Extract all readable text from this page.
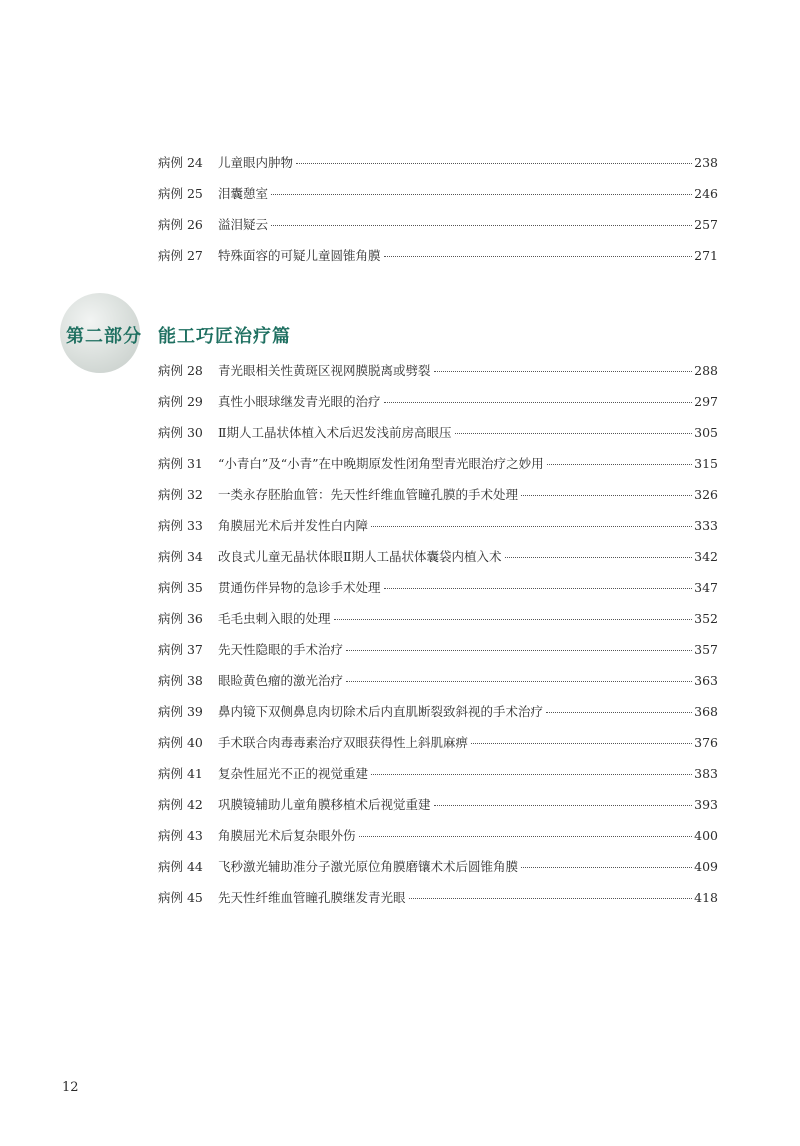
病例 24	儿童眼内肿物	238
病例 25	泪囊憩室	246
病例 26	溢泪疑云	257
病例 27	特殊面容的可疑儿童圆锥角膜	271
第二部分 能工巧匠治疗篇
病例 28	青光眼相关性黄斑区视网膜脱离或劈裂	288
病例 29	真性小眼球继发青光眼的治疗	297
病例 30	Ⅱ期人工晶状体植入术后迟发浅前房高眼压	305
病例 31	“小青白”及“小青”在中晚期原发性闭角型青光眼治疗之妙用	315
病例 32	一类永存胚胎血管：先天性纤维血管瞳孔膜的手术处理	326
病例 33	角膜屈光术后并发性白内障	333
病例 34	改良式儿童无晶状体眼Ⅱ期人工晶状体囊袋内植入术	342
病例 35	贯通伤伴异物的急诊手术处理	347
病例 36	毛毛虫刺入眼的处理	352
病例 37	先天性隐眼的手术治疗	357
病例 38	眼睑黄色瘤的激光治疗	363
病例 39	鼻内镜下双侧鼻息肉切除术后内直肌断裂致斜视的手术治疗	368
病例 40	手术联合肉毒毒素治疗双眼获得性上斜肌麻痹	376
病例 41	复杂性屈光不正的视觉重建	383
病例 42	巩膜镜辅助儿童角膜移植术后视觉重建	393
病例 43	角膜屈光术后复杂眼外伤	400
病例 44	飞秒激光辅助准分子激光原位角膜磨镶术术后圆锥角膜	409
病例 45	先天性纤维血管瞳孔膜继发青光眼	418
12
